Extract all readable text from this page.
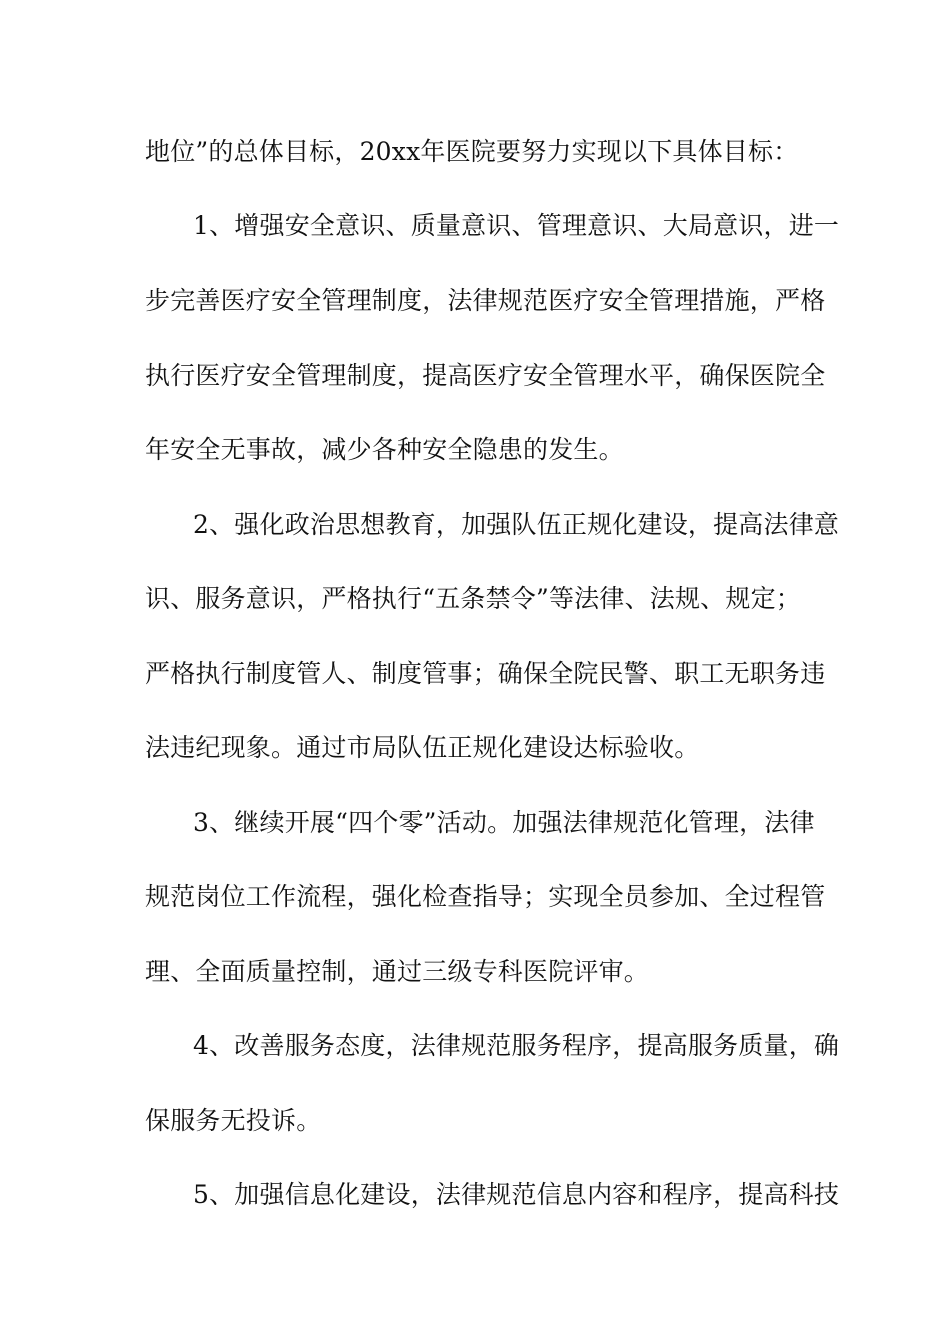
地位”的总体目标，20xx年医院要努力实现以下具体目标：
1、增强安全意识、质量意识、管理意识、大局意识，进一
步完善医疗安全管理制度，法律规范医疗安全管理措施，严格
执行医疗安全管理制度，提高医疗安全管理水平，确保医院全
年安全无事故，减少各种安全隐患的发生。
2、强化政治思想教育，加强队伍正规化建设，提高法律意
识、服务意识，严格执行“五条禁令”等法律、法规、规定；
严格执行制度管人、制度管事；确保全院民警、职工无职务违
法违纪现象。通过市局队伍正规化建设达标验收。
3、继续开展“四个零”活动。加强法律规范化管理，法律
规范岗位工作流程，强化检查指导；实现全员参加、全过程管
理、全面质量控制，通过三级专科医院评审。
4、改善服务态度，法律规范服务程序，提高服务质量，确
保服务无投诉。
5、加强信息化建设，法律规范信息内容和程序，提高科技
